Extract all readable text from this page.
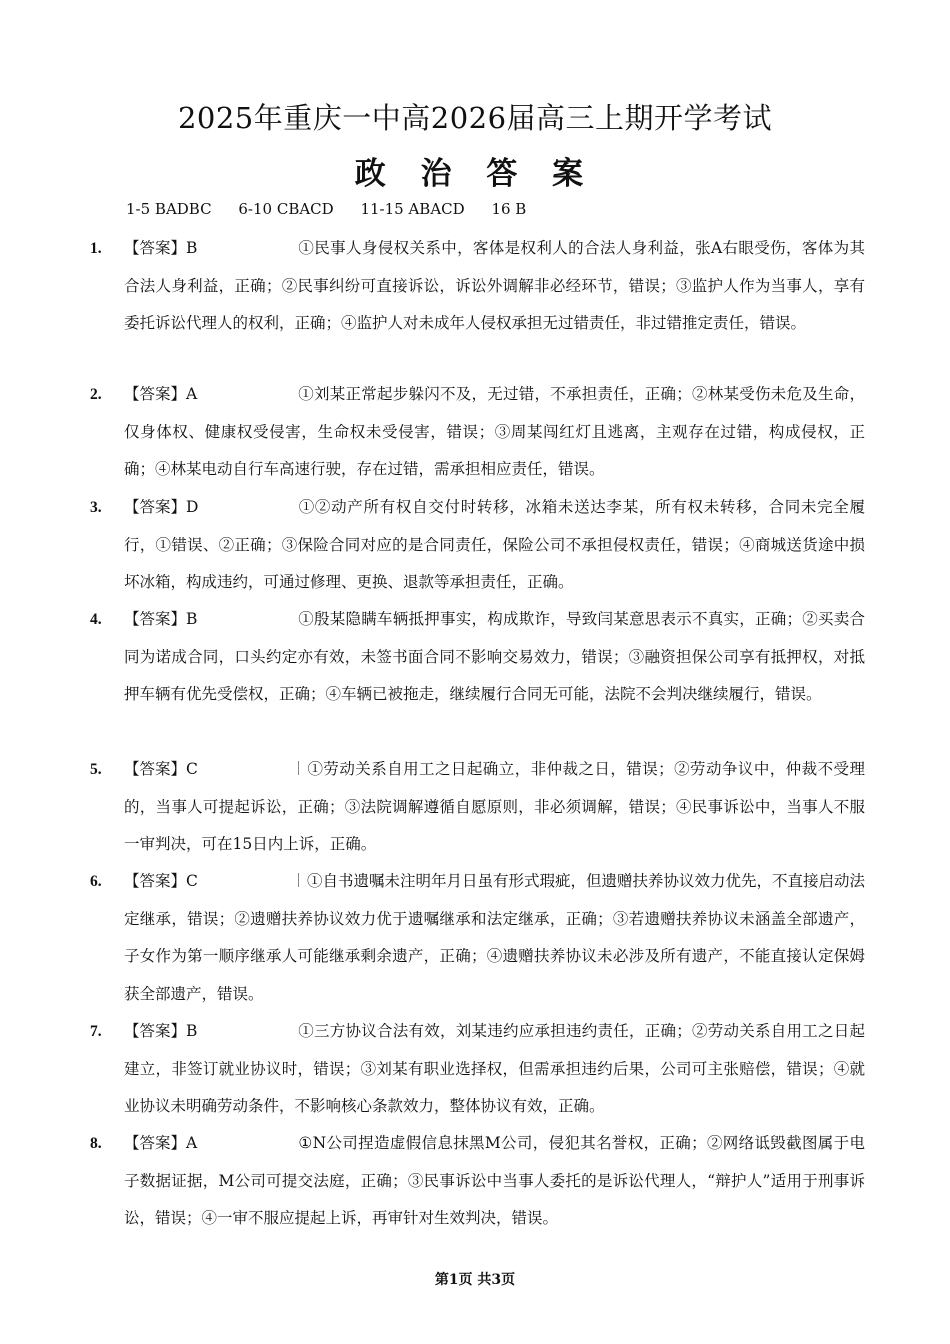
2025年重庆一中高2026届高三上期开学考试
政 治 答 案
1-5 BADBC 6-10 CBACD 11-15 ABACD 16 B
1. 【答案】B	①民事人身侵权关系中，客体是权利人的合法人身利益，张A右眼受伤，客体为其合法人身利益，正确；②民事纠纷可直接诉讼，诉讼外调解非必经环节，错误；③监护人作为当事人，享有委托诉讼代理人的权利，正确；④监护人对未成年人侵权承担无过错责任，非过错推定责任，错误。
2. 【答案】A	①刘某正常起步躲闪不及，无过错，不承担责任，正确；②林某受伤未危及生命，仅身体权、健康权受侵害，生命权未受侵害，错误；③周某闯红灯且逃离，主观存在过错，构成侵权，正确；④林某电动自行车高速行驶，存在过错，需承担相应责任，错误。
3. 【答案】D	①②动产所有权自交付时转移，冰箱未送达李某，所有权未转移，合同未完全履行，①错误、②正确；③保险合同对应的是合同责任，保险公司不承担侵权责任，错误；④商城送货途中损坏冰箱，构成违约，可通过修理、更换、退款等承担责任，正确。
4. 【答案】B	①殷某隐瞒车辆抵押事实，构成欺诈，导致闫某意思表示不真实，正确；②买卖合同为诺成合同，口头约定亦有效，未签书面合同不影响交易效力，错误；③融资担保公司享有抵押权，对抵押车辆有优先受偿权，正确；④车辆已被拖走，继续履行合同无可能，法院不会判决继续履行，错误。
5. 【答案】C	①劳动关系自用工之日起确立，非仲裁之日，错误；②劳动争议中，仲裁不受理的，当事人可提起诉讼，正确；③法院调解遵循自愿原则，非必须调解，错误；④民事诉讼中，当事人不服一审判决，可在15日内上诉，正确。
6. 【答案】C	①自书遗嘱未注明年月日虽有形式瑕疵，但遗赠扶养协议效力优先，不直接启动法定继承，错误；②遗赠扶养协议效力优于遗嘱继承和法定继承，正确；③若遗赠扶养协议未涵盖全部遗产，子女作为第一顺序继承人可能继承剩余遗产，正确；④遗赠扶养协议未必涉及所有遗产，不能直接认定保姆获全部遗产，错误。
7. 【答案】B	①三方协议合法有效，刘某违约应承担违约责任，正确；②劳动关系自用工之日起建立，非签订就业协议时，错误；③刘某有职业选择权，但需承担违约后果，公司可主张赔偿，错误；④就业协议未明确劳动条件，不影响核心条款效力，整体协议有效，正确。
8. 【答案】A	①N公司捏造虚假信息抹黑M公司，侵犯其名誉权，正确；②网络诋毁截图属于电子数据证据，M公司可提交法庭，正确；③民事诉讼中当事人委托的是诉讼代理人，“辩护人”适用于刑事诉讼，错误；④一审不服应提起上诉，再审针对生效判决，错误。
第1页 共3页
